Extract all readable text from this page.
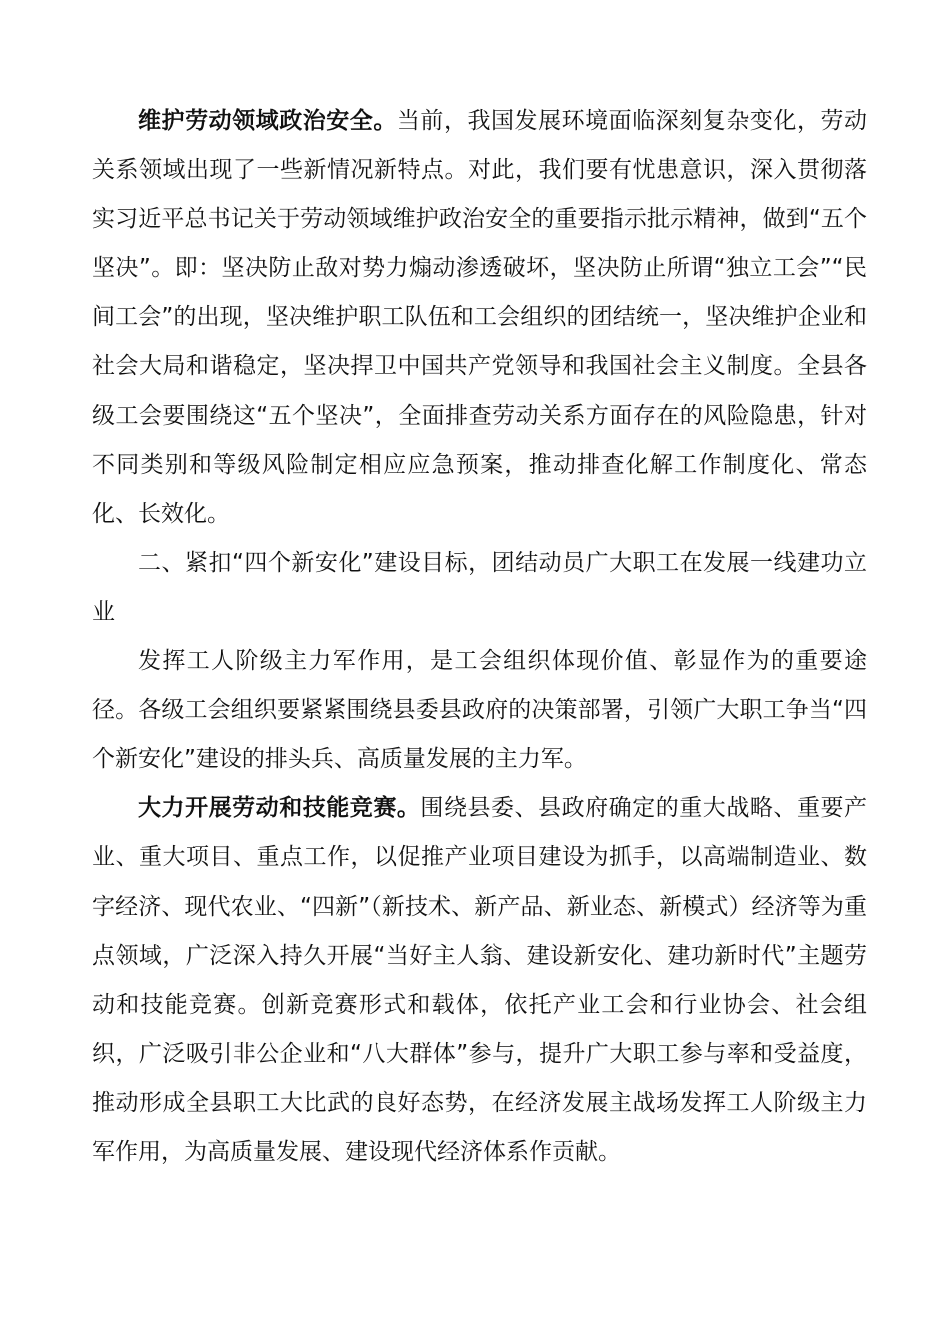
维护劳动领域政治安全。当前，我国发展环境面临深刻复杂变化，劳动关系领域出现了一些新情况新特点。对此，我们要有忧患意识，深入贯彻落实习近平总书记关于劳动领域维护政治安全的重要指示批示精神，做到“五个坚决”。即：坚决防止敌对势力煽动渗透破坏，坚决防止所谓“独立工会”“民间工会”的出现，坚决维护职工队伍和工会组织的团结统一，坚决维护企业和社会大局和谐稳定，坚决捍卫中国共产党领导和我国社会主义制度。全县各级工会要围绕这“五个坚决”，全面排查劳动关系方面存在的风险隐患，针对不同类别和等级风险制定相应应急预案，推动排查化解工作制度化、常态化、长效化。

二、紧扣“四个新安化”建设目标，团结动员广大职工在发展一线建功立业

发挥工人阶级主力军作用，是工会组织体现价值、彰显作为的重要途径。各级工会组织要紧紧围绕县委县政府的决策部署，引领广大职工争当“四个新安化”建设的排头兵、高质量发展的主力军。

大力开展劳动和技能竞赛。围绕县委、县政府确定的重大战略、重要产业、重大项目、重点工作，以促推产业项目建设为抓手，以高端制造业、数字经济、现代农业、“四新”（新技术、新产品、新业态、新模式）经济等为重点领域，广泛深入持久开展“当好主人翁、建设新安化、建功新时代”主题劳动和技能竞赛。创新竞赛形式和载体，依托产业工会和行业协会、社会组织，广泛吸引非公企业和“八大群体”参与，提升广大职工参与率和受益度，推动形成全县职工大比武的良好态势，在经济发展主战场发挥工人阶级主力军作用，为高质量发展、建设现代经济体系作贡献。
